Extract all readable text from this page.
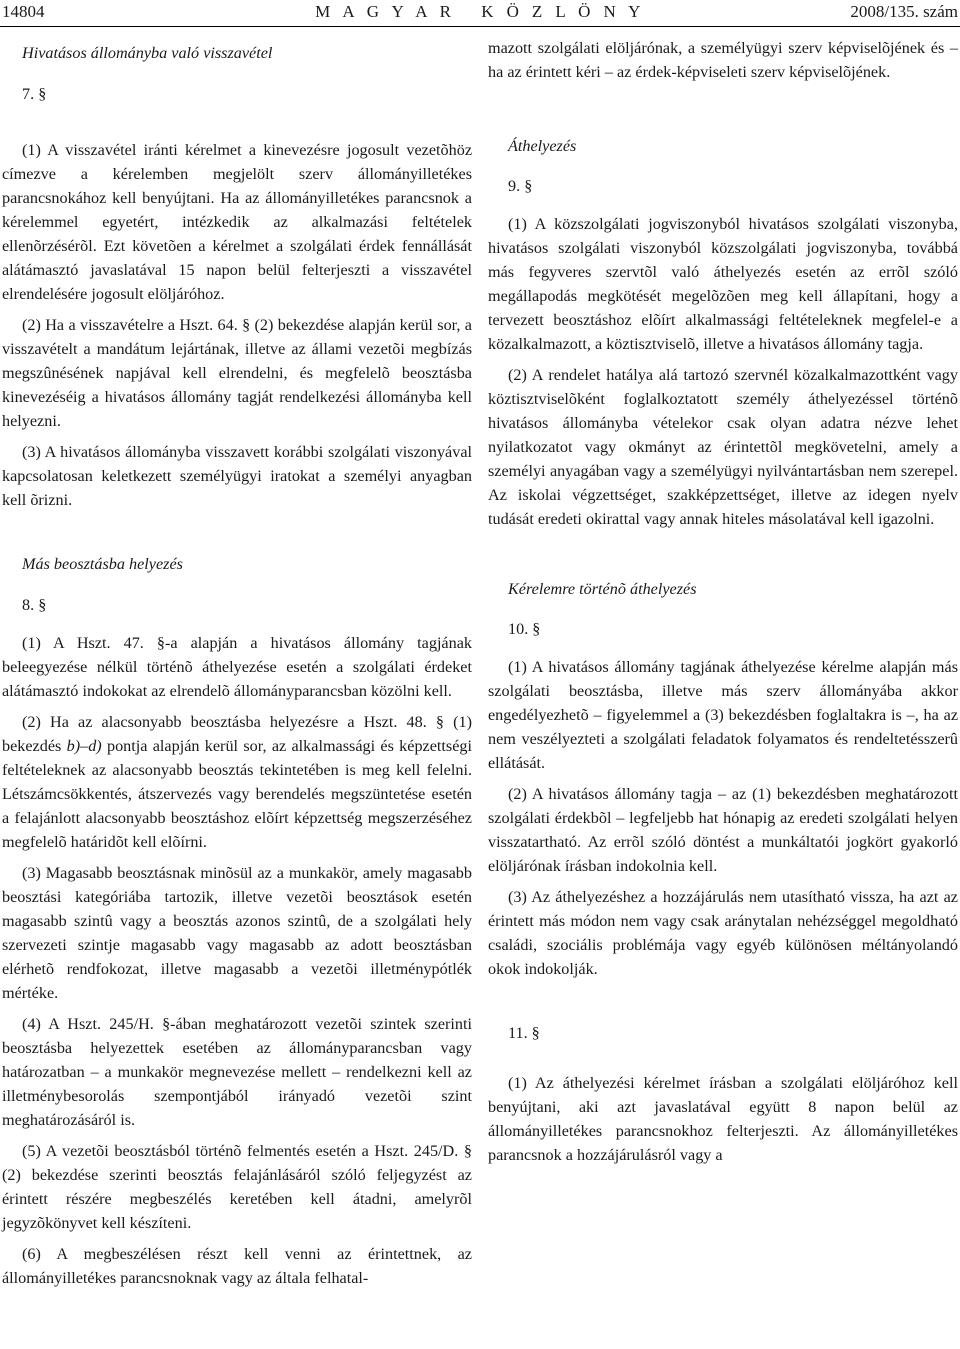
14804	M A G Y A R   K Ö Z L Ö N Y	2008/135. szám

Hivatásos állományba való visszavétel

7. §

(1) A visszavétel iránti kérelmet a kinevezésre jogosult vezetõhöz címezve a kérelemben megjelölt szerv állományilletékes parancsnokához kell benyújtani. Ha az állományilletékes parancsnok a kérelemmel egyetért, intézkedik az alkalmazási feltételek ellenõrzésérõl. Ezt követõen a kérelmet a szolgálati érdek fennállását alátámasztó javaslatával 15 napon belül felterjeszti a visszavétel elrendelésére jogosult elöljáróhoz.

(2) Ha a visszavételre a Hszt. 64. § (2) bekezdése alapján kerül sor, a visszavételt a mandátum lejártának, illetve az állami vezetõi megbízás megszûnésének napjával kell elrendelni, és megfelelõ beosztásba kinevezéséig a hivatásos állomány tagját rendelkezési állományba kell helyezni.

(3) A hivatásos állományba visszavett korábbi szolgálati viszonyával kapcsolatosan keletkezett személyügyi iratokat a személyi anyagban kell õrizni.

Más beosztásba helyezés

8. §

(1) A Hszt. 47. §-a alapján a hivatásos állomány tagjának beleegyezése nélkül történõ áthelyezése esetén a szolgálati érdeket alátámasztó indokokat az elrendelõ állományparancsban közölni kell.

(2) Ha az alacsonyabb beosztásba helyezésre a Hszt. 48. § (1) bekezdés b)–d) pontja alapján kerül sor, az alkalmassági és képzettségi feltételeknek az alacsonyabb beosztás tekintetében is meg kell felelni. Létszámcsökkentés, átszervezés vagy berendelés megszüntetése esetén a felajánlott alacsonyabb beosztáshoz elõírt képzettség megszerzéséhez megfelelõ határidõt kell elõírni.

(3) Magasabb beosztásnak minõsül az a munkakör, amely magasabb beosztási kategóriába tartozik, illetve vezetõi beosztások esetén magasabb szintû vagy a beosztás azonos szintû, de a szolgálati hely szervezeti szintje magasabb vagy magasabb az adott beosztásban elérhetõ rendfokozat, illetve magasabb a vezetõi illetménypótlék mértéke.

(4) A Hszt. 245/H. §-ában meghatározott vezetõi szintek szerinti beosztásba helyezettek esetében az állományparancsban vagy határozatban – a munkakör megnevezése mellett – rendelkezni kell az illetménybesorolás szempontjából irányadó vezetõi szint meghatározásáról is.

(5) A vezetõi beosztásból történõ felmentés esetén a Hszt. 245/D. § (2) bekezdése szerinti beosztás felajánlásáról szóló feljegyzést az érintett részére megbeszélés keretében kell átadni, amelyrõl jegyzõkönyvet kell készíteni.

(6) A megbeszélésen részt kell venni az érintettnek, az állományilletékes parancsnoknak vagy az általa felhatal-

mazott szolgálati elöljárónak, a személyügyi szerv képviselõjének és – ha az érintett kéri – az érdek-képviseleti szerv képviselõjének.

Áthelyezés

9. §

(1) A közszolgálati jogviszonyból hivatásos szolgálati viszonyba, hivatásos szolgálati viszonyból közszolgálati jogviszonyba, továbbá más fegyveres szervtõl való áthelyezés esetén az errõl szóló megállapodás megkötését megelõzõen meg kell állapítani, hogy a tervezett beosztáshoz elõírt alkalmassági feltételeknek megfelel-e a közalkalmazott, a köztisztviselõ, illetve a hivatásos állomány tagja.

(2) A rendelet hatálya alá tartozó szervnél közalkalmazottként vagy köztisztviselõként foglalkoztatott személy áthelyezéssel történõ hivatásos állományba vételekor csak olyan adatra nézve lehet nyilatkozatot vagy okmányt az érintettõl megkövetelni, amely a személyi anyagában vagy a személyügyi nyilvántartásban nem szerepel. Az iskolai végzettséget, szakképzettséget, illetve az idegen nyelv tudását eredeti okirattal vagy annak hiteles másolatával kell igazolni.

Kérelemre történõ áthelyezés

10. §

(1) A hivatásos állomány tagjának áthelyezése kérelme alapján más szolgálati beosztásba, illetve más szerv állományába akkor engedélyezhetõ – figyelemmel a (3) bekezdésben foglaltakra is –, ha az nem veszélyezteti a szolgálati feladatok folyamatos és rendeltetésszerû ellátását.

(2) A hivatásos állomány tagja – az (1) bekezdésben meghatározott szolgálati érdekbõl – legfeljebb hat hónapig az eredeti szolgálati helyen visszatartható. Az errõl szóló döntést a munkáltatói jogkört gyakorló elöljárónak írásban indokolnia kell.

(3) Az áthelyezéshez a hozzájárulás nem utasítható vissza, ha azt az érintett más módon nem vagy csak aránytalan nehézséggel megoldható családi, szociális problémája vagy egyéb különösen méltányolandó okok indokolják.

11. §

(1) Az áthelyezési kérelmet írásban a szolgálati elöljáróhoz kell benyújtani, aki azt javaslatával együtt 8 napon belül az állományilletékes parancsnokhoz felterjeszti. Az állományilletékes parancsnok a hozzájárulásról vagy a
